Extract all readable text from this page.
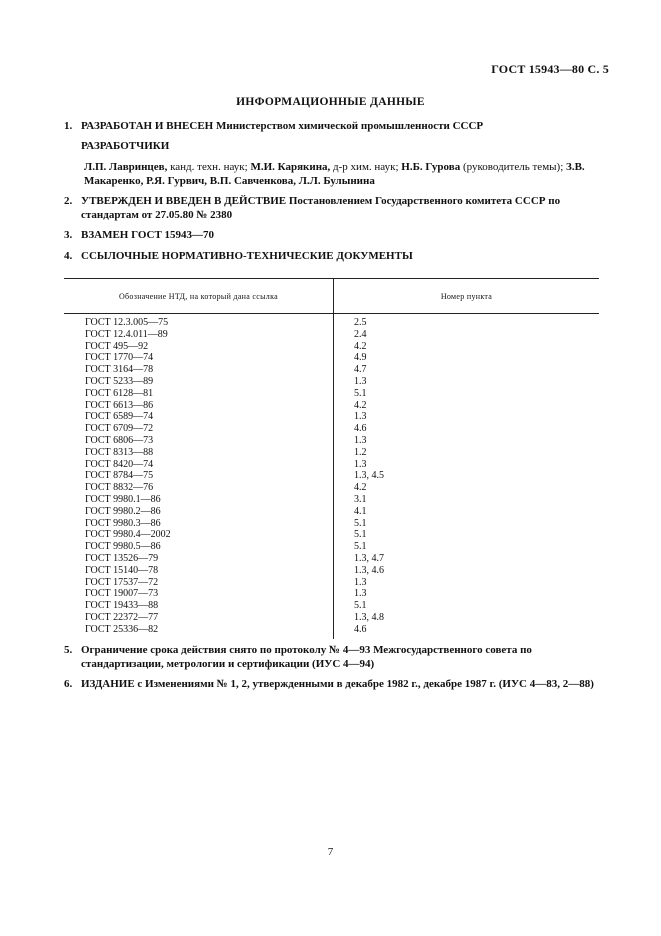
ГОСТ 15943—80 С. 5
ИНФОРМАЦИОННЫЕ ДАННЫЕ
1. РАЗРАБОТАН И ВНЕСЕН Министерством химической промышленности СССР
РАЗРАБОТЧИКИ
Л.П. Лавринцев, канд. техн. наук; М.И. Карякина, д-р хим. наук; Н.Б. Гурова (руководитель темы); З.В. Макаренко, Р.Я. Гурвич, В.П. Савченкова, Л.Л. Булынина
2. УТВЕРЖДЕН И ВВЕДЕН В ДЕЙСТВИЕ Постановлением Государственного комитета СССР по стандартам от 27.05.80 № 2380
3. ВЗАМЕН ГОСТ 15943—70
4. ССЫЛОЧНЫЕ НОРМАТИВНО-ТЕХНИЧЕСКИЕ ДОКУМЕНТЫ
Обозначение НТД, на который дана ссылка	Номер пункта
ГОСТ 12.3.005—75	2.5
ГОСТ 12.4.011—89	2.4
ГОСТ 495—92	4.2
ГОСТ 1770—74	4.9
ГОСТ 3164—78	4.7
ГОСТ 5233—89	1.3
ГОСТ 6128—81	5.1
ГОСТ 6613—86	4.2
ГОСТ 6589—74	1.3
ГОСТ 6709—72	4.6
ГОСТ 6806—73	1.3
ГОСТ 8313—88	1.2
ГОСТ 8420—74	1.3
ГОСТ 8784—75	1.3, 4.5
ГОСТ 8832—76	4.2
ГОСТ 9980.1—86	3.1
ГОСТ 9980.2—86	4.1
ГОСТ 9980.3—86	5.1
ГОСТ 9980.4—2002	5.1
ГОСТ 9980.5—86	5.1
ГОСТ 13526—79	1.3, 4.7
ГОСТ 15140—78	1.3, 4.6
ГОСТ 17537—72	1.3
ГОСТ 19007—73	1.3
ГОСТ 19433—88	5.1
ГОСТ 22372—77	1.3, 4.8
ГОСТ 25336—82	4.6
5. Ограничение срока действия снято по протоколу № 4—93 Межгосударственного совета по стандартизации, метрологии и сертификации (ИУС 4—94)
6. ИЗДАНИЕ с Изменениями № 1, 2, утвержденными в декабре 1982 г., декабре 1987 г. (ИУС 4—83, 2—88)
7
